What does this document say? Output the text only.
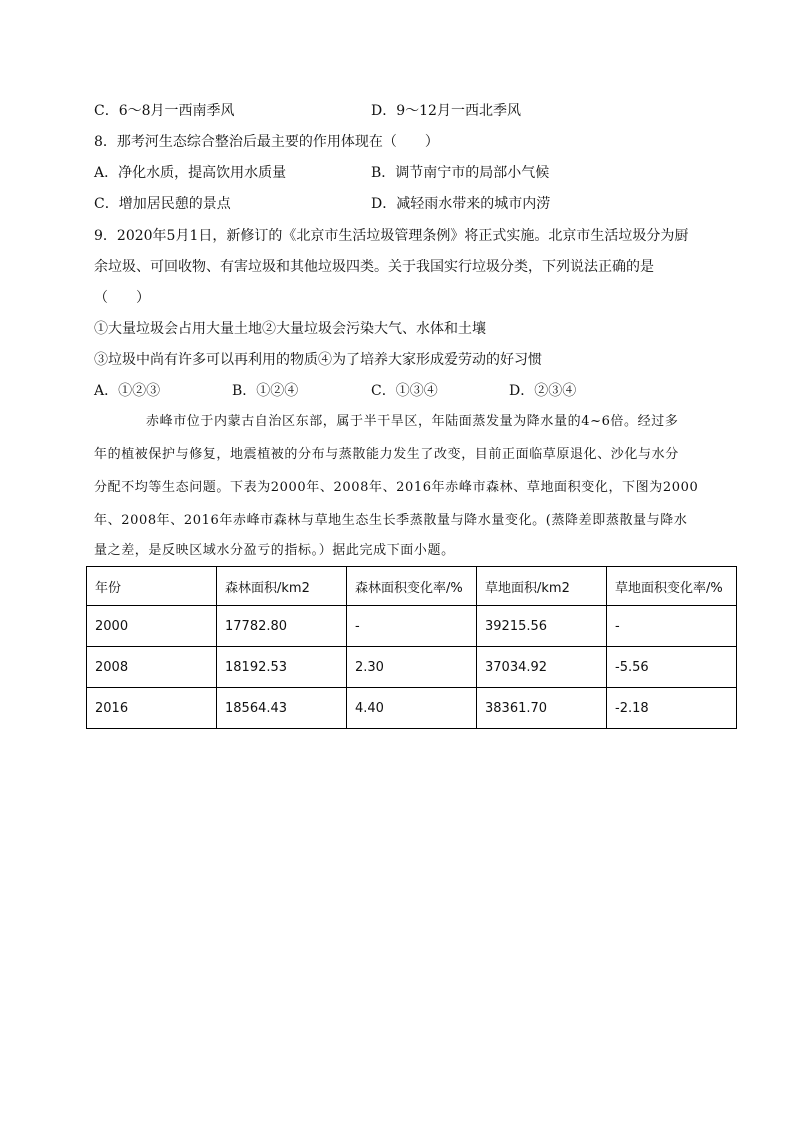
C．6～8月一西南季风	D．9～12月一西北季风
8．那考河生态综合整治后最主要的作用体现在（　　）
A．净化水质，提高饮用水质量	B．调节南宁市的局部小气候
C．增加居民憩的景点	D．减轻雨水带来的城市内涝
9．2020年5月1日，新修订的《北京市生活垃圾管理条例》将正式实施。北京市生活垃圾分为厨
余垃圾、可回收物、有害垃圾和其他垃圾四类。关于我国实行垃圾分类，下列说法正确的是
（　　）
①大量垃圾会占用大量土地②大量垃圾会污染大气、水体和土壤
③垃圾中尚有许多可以再利用的物质④为了培养大家形成爱劳动的好习惯
A．①②③	B．①②④	C．①③④	D．②③④
赤峰市位于内蒙古自治区东部，属于半干旱区，年陆面蒸发量为降水量的4~6倍。经过多
年的植被保护与修复，地震植被的分布与蒸散能力发生了改变，目前正面临草原退化、沙化与水分
分配不均等生态问题。下表为2000年、2008年、2016年赤峰市森林、草地面积变化，下图为2000
年、2008年、2016年赤峰市森林与草地生态生长季蒸散量与降水量变化。(蒸降差即蒸散量与降水
量之差，是反映区域水分盈亏的指标。）据此完成下面小题。
年份	森林面积/km2	森林面积变化率/%	草地面积/km2	草地面积变化率/%
2000	17782.80	-	39215.56	-
2008	18192.53	2.30	37034.92	-5.56
2016	18564.43	4.40	38361.70	-2.18
